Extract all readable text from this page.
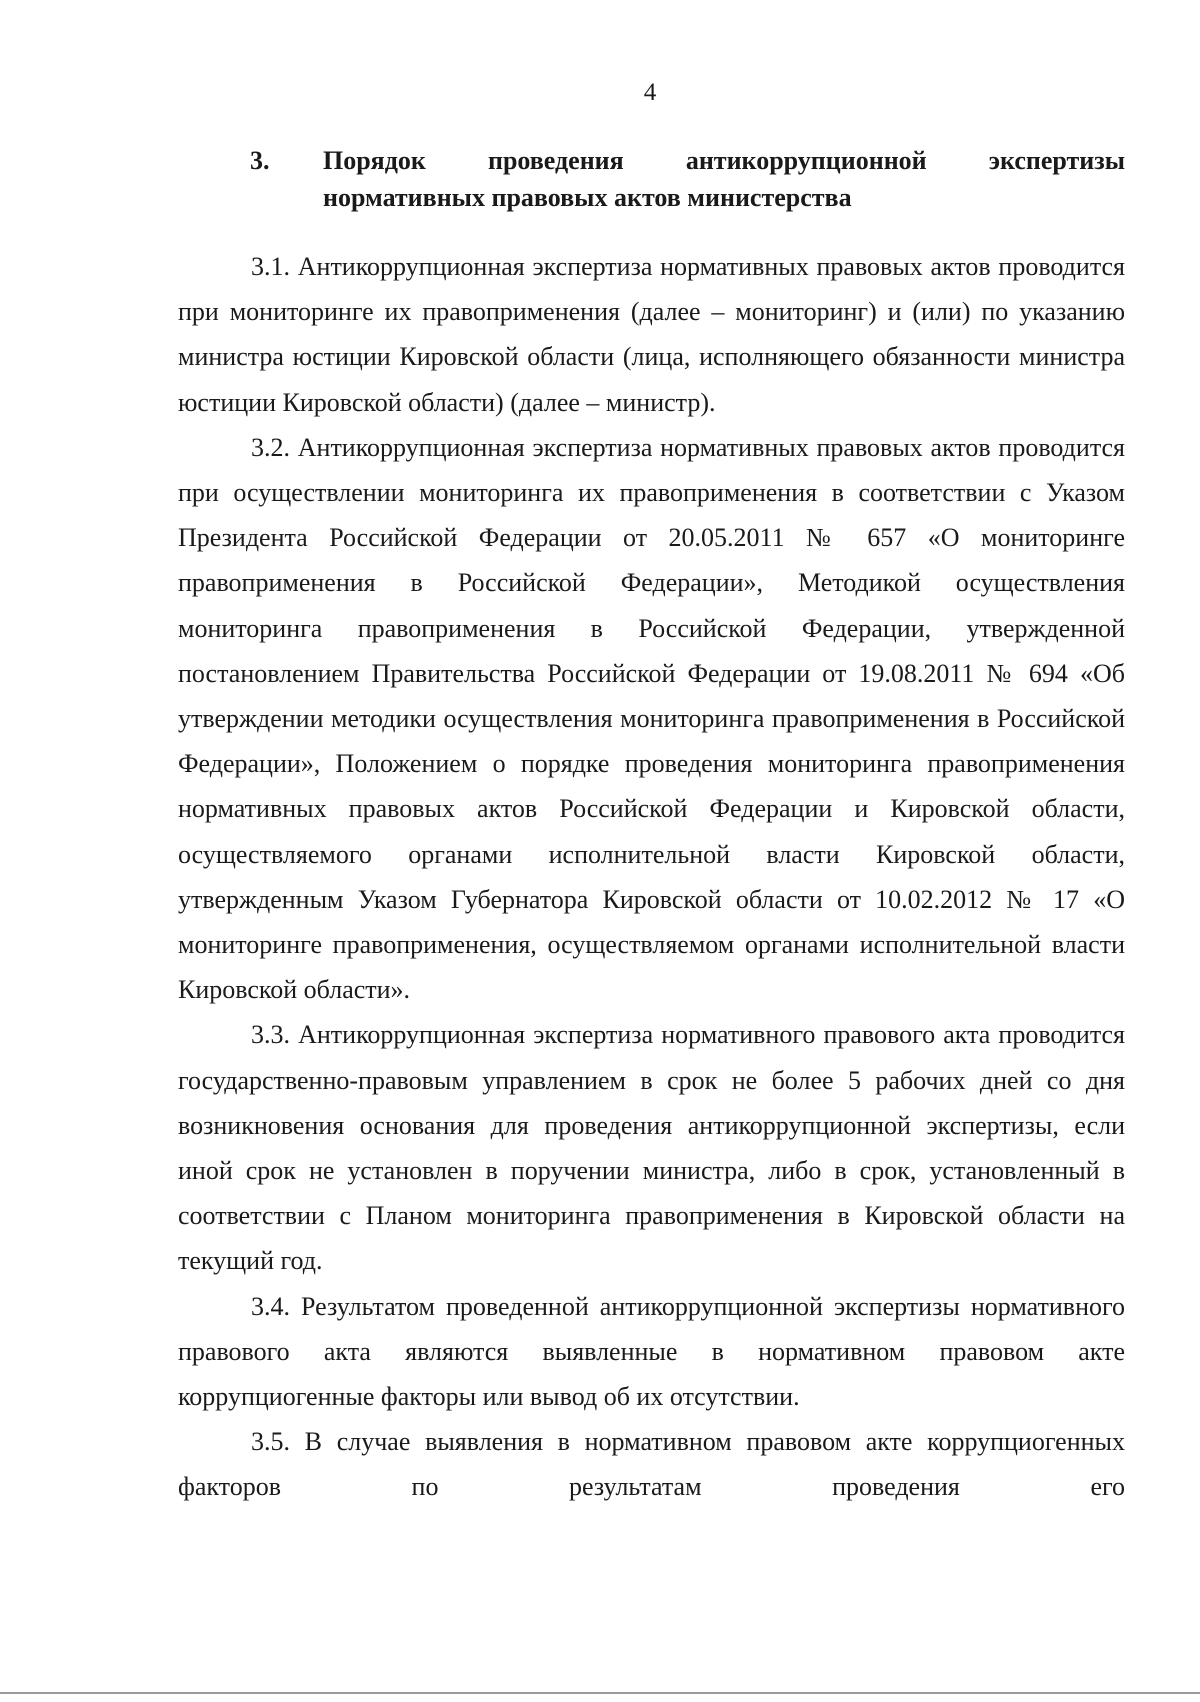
4
3.	Порядок проведения антикоррупционной экспертизы нормативных правовых актов министерства

3.1. Антикоррупционная экспертиза нормативных правовых актов проводится при мониторинге их правоприменения (далее – мониторинг) и (или) по указанию министра юстиции Кировской области (лица, исполняющего обязанности министра юстиции Кировской области) (далее – министр).

3.2. Антикоррупционная экспертиза нормативных правовых актов проводится при осуществлении мониторинга их правоприменения в соответствии с Указом Президента Российской Федерации от 20.05.2011 № 657 «О мониторинге правоприменения в Российской Федерации», Методикой осуществления мониторинга правоприменения в Российской Федерации, утвержденной постановлением Правительства Российской Федерации от 19.08.2011 № 694 «Об утверждении методики осуществления мониторинга правоприменения в Российской Федерации», Положением о порядке проведения мониторинга правоприменения нормативных правовых актов Российской Федерации и Кировской области, осуществляемого органами исполнительной власти Кировской области, утвержденным Указом Губернатора Кировской области от 10.02.2012 № 17 «О мониторинге правоприменения, осуществляемом органами исполнительной власти Кировской области».

3.3. Антикоррупционная экспертиза нормативного правового акта проводится государственно-правовым управлением в срок не более 5 рабочих дней со дня возникновения основания для проведения антикоррупционной экспертизы, если иной срок не установлен в поручении министра, либо в срок, установленный в соответствии с Планом мониторинга правоприменения в Кировской области на текущий год.

3.4. Результатом проведенной антикоррупционной экспертизы нормативного правового акта являются выявленные в нормативном правовом акте коррупциогенные факторы или вывод об их отсутствии.

3.5. В случае выявления в нормативном правовом акте коррупциогенных факторов по результатам проведения его
